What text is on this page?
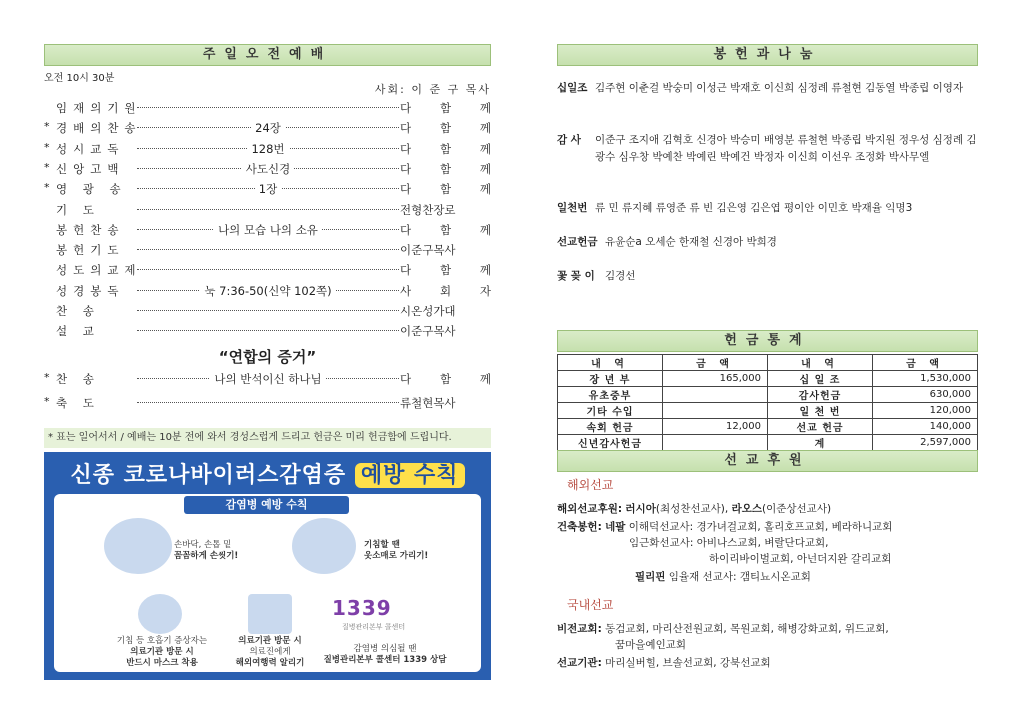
주일오전예배
오전 10시 30분
사회: 이 준 구 목사
임재의기원	다 함 께
* 경배의찬송	24장	다 함 께
* 성시교독	128번	다 함 께
* 신앙고백	사도신경	다 함 께
* 영 광 송	1장	다 함 께
기 도	전형찬장로
봉헌찬송	나의 모습 나의 소유	다 함 께
봉헌기도	이준구목사
성도의교제	다 함 께
성경봉독	눅 7:36-50(신약 102쪽)	사 회 자
찬 송	시온성가대
설 교	이준구목사
“연합의 증거”
* 찬 송	나의 반석이신 하나님	다 함 께
* 축 도	류철현목사
* 표는 일어서서 / 예배는 10분 전에 와서 경성스럽게 드리고 헌금은 미리 헌금함에 드립니다.
신종 코로나바이러스감염증 예방 수칙
감염병 예방 수칙
손바닥, 손톱 밑
꼼꼼하게 손씻기!
기침할 땐
옷소매로 가리기!
기침 등 호흡기 증상자는
의료기관 방문 시
반드시 마스크 착용
의료기관 방문 시
의료진에게
해외여행력 알리기
1339
질병관리본부 콜센터
감염병 의심될 땐
질병관리본부 콜센터 1339 상담
봉헌과나눔
십일조 김주현 이춘걸 박숭미 이성근 박재호 이신희 심정례 류철현 김동열 박종립 이영자
감 사	이준구 조지애 김혁호 신경아 박승미 배영분 류철현 박종립 박지원 정우성 심정례 김광수 심우창 박예찬 박예린 박예건 박정자 이신희 이선우 조정화 박사무엘
일천번 류 민 류지혜 류영준 류 빈 김은영 김은엽 평이안 이민호 박재율 익명3
선교헌금 유윤순a 오세순 한재철 신경아 박희경
꽃 꽂 이 김경선
헌금통계
내 역	금 액	내 역	금 액
장 년 부	165,000	십 일 조	1,530,000
유초중부		감사헌금	630,000
기타 수입		일 천 번	120,000
속회 헌금	12,000	선교 헌금	140,000
신년감사헌금		계	2,597,000
선교후원
해외선교
해외선교후원: 러시아(최성찬선교사), 라오스(이준상선교사)
건축봉헌: 네팔 이해덕선교사: 경가녀걸교회, 홀리호프교회, 베라하니교회
임근화선교사: 아비나스교회, 벼랄단다교회,
하이리바이벌교회, 아넌더지완 갈리교회
필리핀 임율재 선교사: 갬티뇨시온교회
국내선교
비전교회: 동검교회, 마리산전원교회, 목원교회, 해병강화교회, 위드교회,
꿈마을예인교회
선교기관: 마리실버힐, 브솔선교회, 강북선교회
